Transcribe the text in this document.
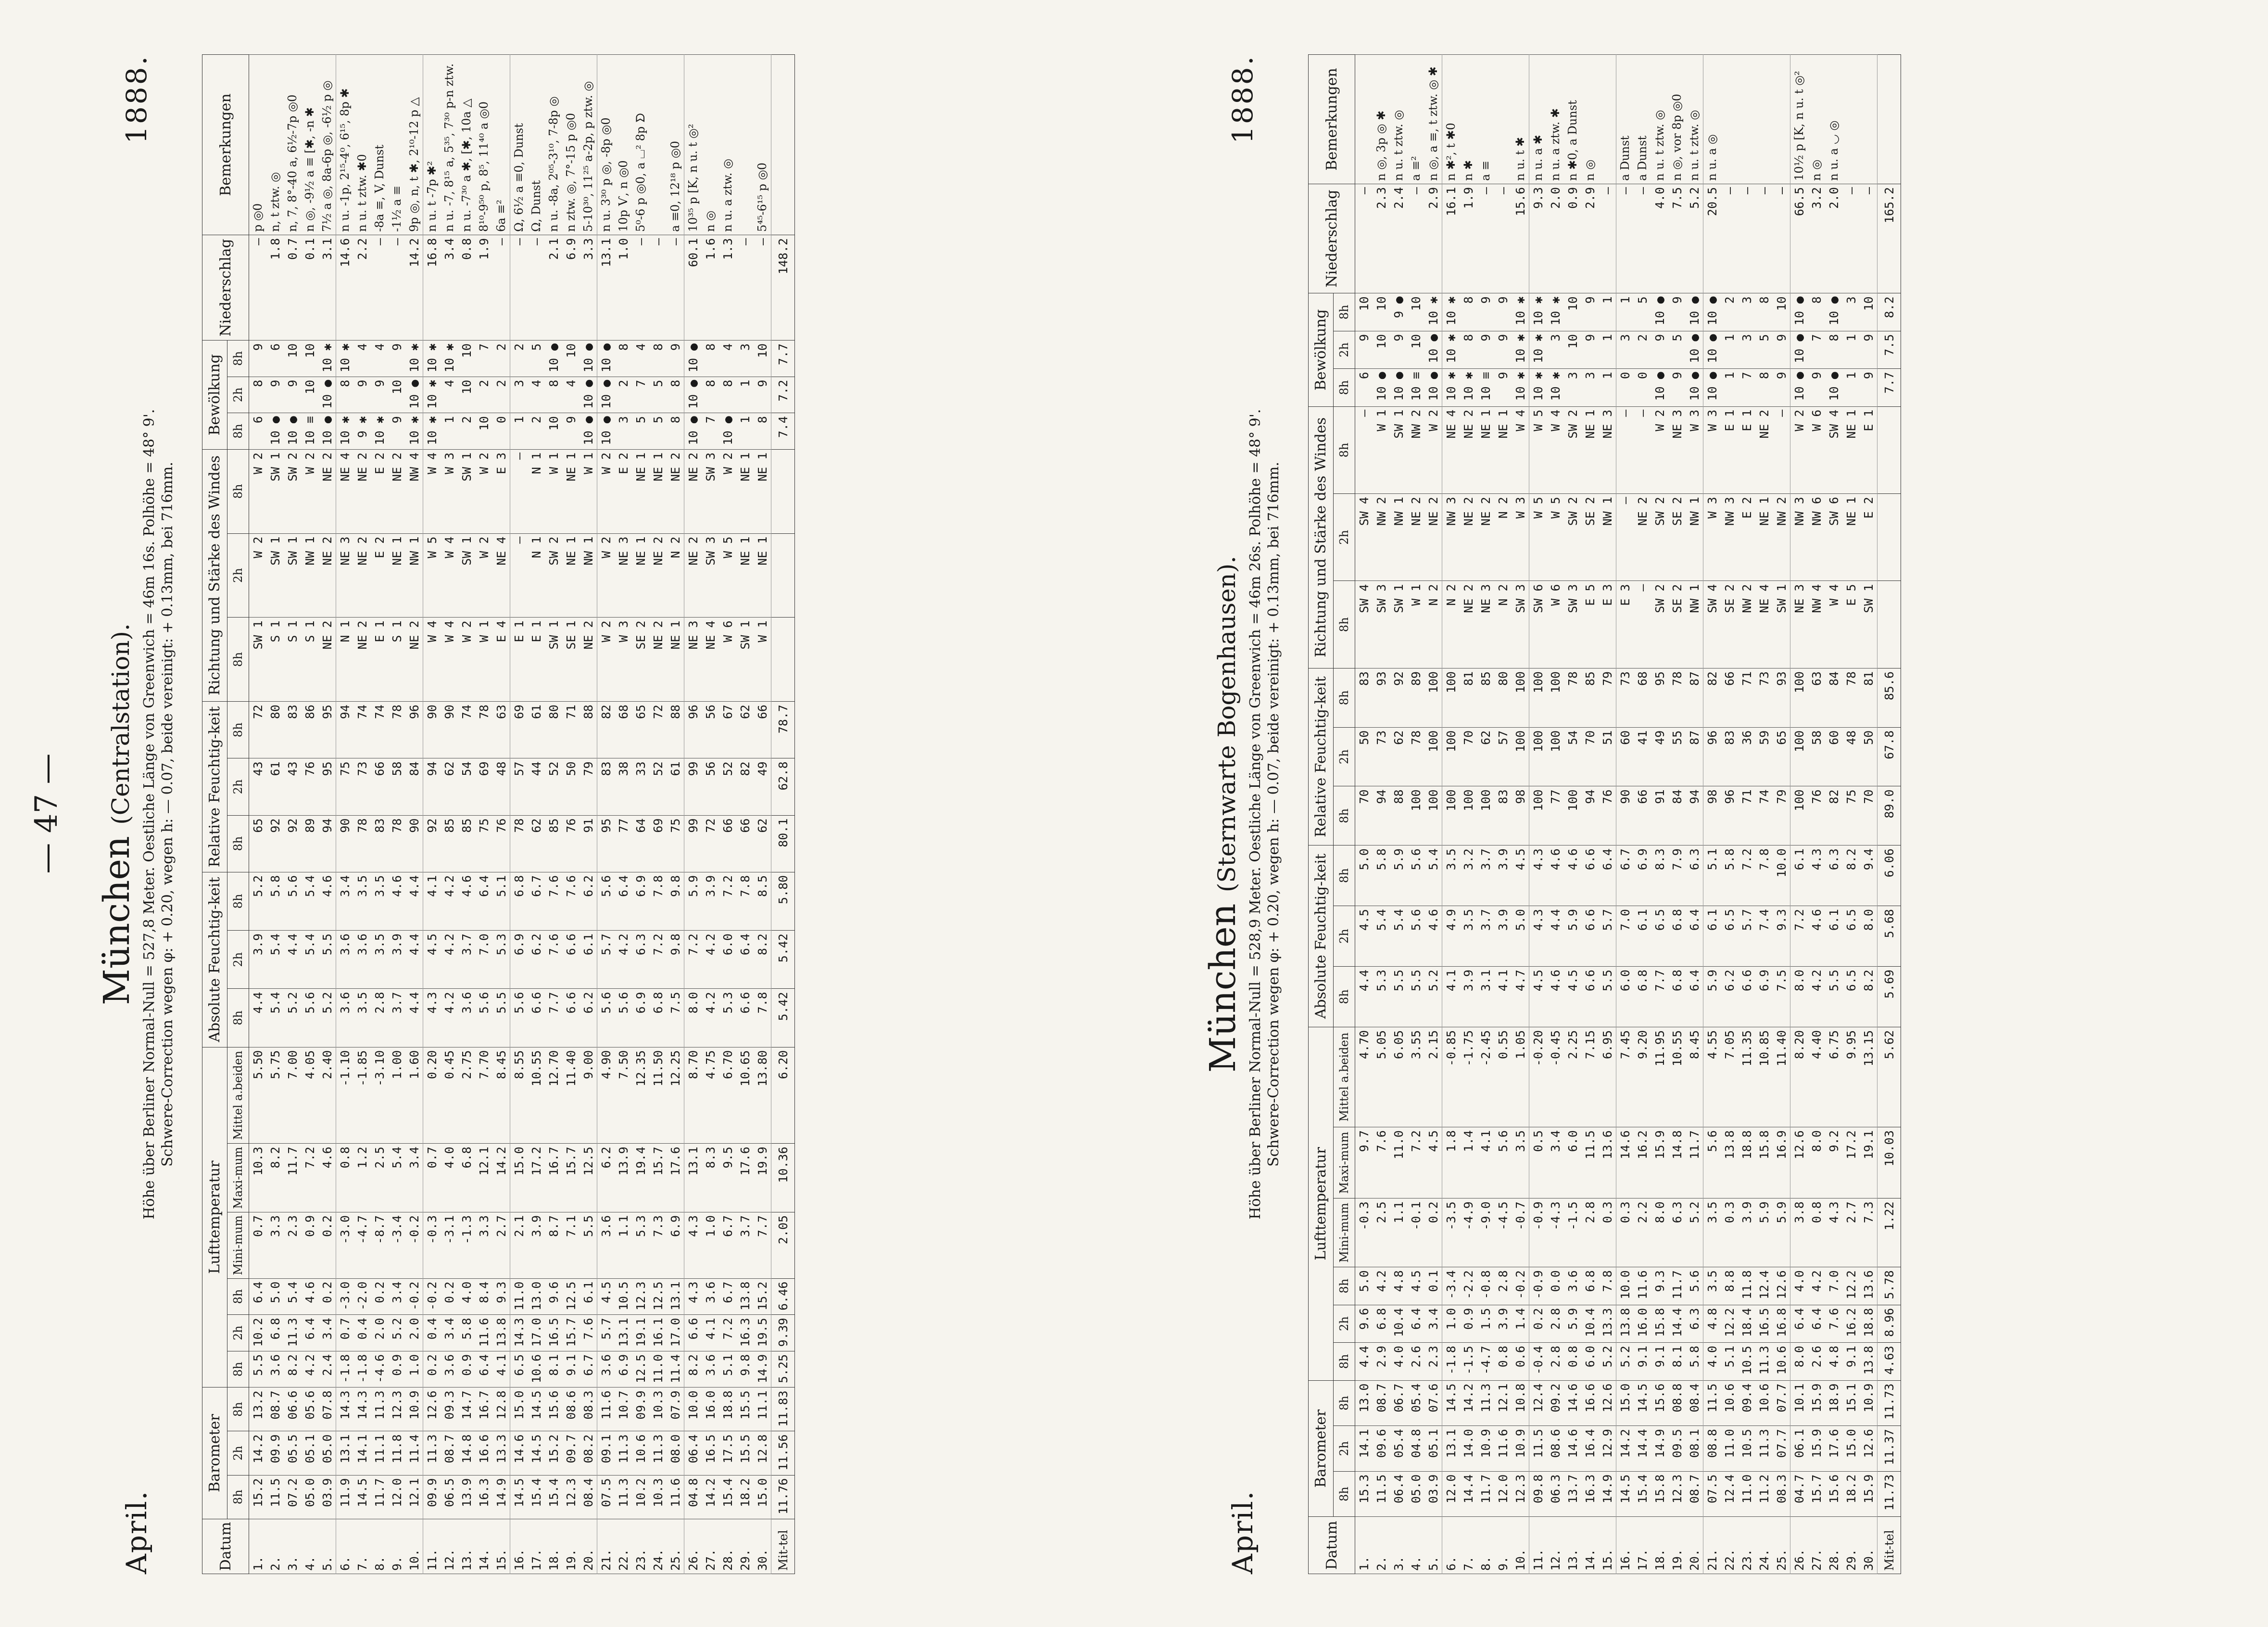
— 47 —
April.
München (Centralstation).
1888.
Höhe über Berliner Normal-Null = 527,8 Meter. Oestliche Länge von Greenwich = 46m 16s. Polhöhe = 48° 9'. Schwere-Correction wegen φ: + 0.20, wegen h: — 0.07, beide vereinigt: + 0.13mm, bei 716mm.
Datum	Barometer			Lufttemperatur						Absolute Feuchtig-keit			Relative Feuchtig-keit			Richtung und Stärke des Windes			Bewölkung			Niederschlag	Bemerkungen
	8h	2h	8h	8h	2h	8h	Mini-mum	Maxi-mum	Mittel a.beiden	8h	2h	8h	8h	2h	8h	8h	2h	8h	8h	2h	8h		
1.	15.2	14.2	13.2	5.5	10.2	6.4	0.7	10.3	5.50	4.4	3.9	5.2	65	43	72	SW 1	W 2	W 2	6	8	9	—	p ◎0
2.	11.5	09.9	08.7	3.6	6.8	5.0	3.3	8.2	5.75	5.4	5.4	5.8	92	61	80	S 1	SW 1	SW 1	10 ●	9	6	1.8	n, t ztw. ◎
3.	07.2	05.5	06.6	8.2	11.3	5.4	2.3	11.7	7.00	5.2	4.4	5.6	92	43	83	S 1	SW 1	SW 2	10 ●	9	10	0.7	n, 7, 8°-40 a, 6½-7p ◎0
4.	05.0	05.1	05.6	4.2	6.4	4.6	0.9	7.2	4.05	5.6	5.4	5.4	89	76	86	S 1	NW 1	W 2	10 ≡	10	10	0.1	n ◎, -9½ a ≡ [✱, -n ✱
5.	03.9	05.0	07.8	2.4	3.4	0.2	0.2	4.6	2.40	5.2	5.5	4.6	94	95	95	NE 2	NE 2	NE 2	10 ●	10 ●	10 ✱	3.1	7½ a ◎, 8a-6p ◎, -6½ p ◎
6.	11.9	13.1	14.3	-1.8	0.7	-3.0	-3.0	0.8	-1.10	3.6	3.6	3.4	90	75	94	N 1	NE 3	NE 4	10 ✱	8	10 ✱	14.6	n u. -1p, 2¹⁵-4⁰, 6¹⁵, 8p ✱
7.	14.5	14.1	14.3	-1.8	0.4	-2.0	-4.7	1.2	-1.85	3.5	3.6	3.5	78	73	74	NE 2	NE 2	NE 2	9 ✱	9	4	2.2	n u. t ztw. ✱0
8.	11.7	11.1	11.3	-4.6	2.0	0.2	-8.7	2.5	-3.10	2.8	3.5	3.5	83	66	74	E 1	E 2	E 2	10 ✱	9	4	—	-8a ≡, V, Dunst
9.	12.0	11.8	12.3	0.9	5.2	3.4	-3.4	5.4	1.00	3.7	3.9	4.6	78	58	78	S 1	NE 1	NE 2	9	10	9	—	-1½ a ≡
10.	12.1	11.4	10.9	1.0	2.0	-0.2	-0.2	3.4	1.60	4.4	4.4	4.4	90	84	96	NE 2	NW 1	NW 4	10 ✱	10 ●	10 ✱	14.2	9p ◎, n, t ✱, 2¹⁰-12 p △
11.	09.9	11.3	12.6	0.2	0.4	-0.2	-0.3	0.7	0.20	4.3	4.5	4.1	92	94	90	W 4	W 5	W 4	10 ✱	10 ✱	10 ✱	16.8	n u. t -7p ✱²
12.	06.5	08.7	09.3	3.6	3.4	0.2	-3.1	4.0	0.45	4.2	4.2	4.2	85	62	90	W 4	W 4	W 3	1	4	10 ✱	3.4	n u. -7, 8¹⁵ a, 5³⁵, 7³⁰ p-n ztw.
13.	13.9	14.8	14.7	0.9	5.8	4.0	-1.3	6.8	2.75	3.6	3.7	4.6	85	54	74	W 2	SW 1	SW 1	2	10	10	0.8	n u. -7³⁰ a ✱, [✱, 10a △
14.	16.3	16.6	16.7	6.4	11.6	8.4	3.3	12.1	7.70	5.6	7.0	6.4	75	69	78	W 1	W 2	W 2	10	2	7	1.9	8¹⁰-9⁵⁰ p, 8⁵, 11⁴⁰ a ◎0
15.	14.9	13.3	12.8	4.1	13.8	9.3	2.7	14.2	8.45	5.5	5.3	5.1	76	48	63	E 4	NE 4	E 3	0	2	2	—	6a ≡²
16.	14.5	14.6	15.0	6.5	14.3	11.0	2.1	15.0	8.55	5.6	6.9	6.8	78	57	69	E 1	—	—	1	3	2	—	Ω, 6½ a ≡0, Dunst
17.	15.4	14.5	14.5	10.6	17.0	13.0	3.9	17.2	10.55	6.6	6.2	6.7	62	44	61	E 1	N 1	N 1	2	4	5	—	Ω, Dunst
18.	15.4	15.2	15.6	8.1	16.5	9.6	8.7	16.7	12.70	7.7	7.6	7.6	85	52	80	SW 1	SW 2	W 1	10	8	10 ●	2.1	n u. -8a, 2⁰⁵-3¹⁰, 7-8p ◎
19.	12.3	09.7	08.6	9.1	15.7	12.5	7.1	15.7	11.40	6.6	6.6	7.6	76	50	71	SE 1	NE 1	NE 1	9	4	10	6.9	n ztw. ◎, 7°-15 p ◎0
20.	08.4	08.2	08.3	6.7	7.6	6.1	5.5	12.5	9.00	6.2	6.1	6.2	91	79	88	NE 2	NW 1	W 1	10 ●	10 ●	10 ●	3.3	5-10³⁰, 11²⁵ a-2p, p ztw. ◎
21.	07.5	09.1	11.6	3.6	5.7	4.5	3.6	6.2	4.90	5.6	5.7	5.6	95	83	82	W 2	W 2	W 2	10 ●	10 ●	10 ●	13.1	n u. 3³⁰ p ◎, -8p ◎0
22.	11.3	11.3	10.7	6.9	13.1	10.5	1.1	13.9	7.50	5.6	4.2	6.4	77	38	68	W 3	NE 3	E 2	3	2	8	1.0	10p Ѵ, n ◎0
23.	10.2	10.6	09.9	12.5	19.1	12.3	5.3	19.4	12.35	6.9	6.3	6.9	64	33	65	SE 2	NE 1	NE 1	5	7	4	—	5⁰-6 p ◎0, a ⌴² 8p ᗤ
24.	10.3	11.3	10.3	11.0	16.1	12.5	7.3	15.7	11.50	6.8	7.2	7.8	69	52	72	NE 2	NE 2	NE 1	5	5	8	—	
25.	11.6	08.0	07.9	11.4	17.0	13.1	6.9	17.6	12.25	7.5	9.8	9.8	75	61	88	NE 1	N 2	NE 2	8	8	9	—	a ≡0, 12¹⁸ p ◎0
26.	04.8	06.4	10.0	8.2	6.6	4.3	4.3	13.1	8.70	8.0	7.2	5.9	99	99	96	NE 3	NE 2	NE 2	10 ●	10 ●	10 ●	60.1	10³⁵ p [K, n u. t ◎²
27.	14.2	16.5	16.0	3.6	4.1	3.6	1.0	8.3	4.75	4.2	4.2	3.9	72	56	56	NE 4	SW 3	SW 3	7	8	8	1.6	n ◎
28.	15.4	17.5	18.8	5.1	7.2	6.7	6.7	9.5	6.70	5.3	6.0	7.2	66	52	67	W 6	W 5	W 2	10 ●	8	4	1.3	n u. a ztw. ◎
29.	18.2	15.5	15.5	9.8	16.3	13.8	3.7	17.6	10.65	6.6	6.4	7.8	66	82	62	SW 1	NE 1	NE 1	1	1	3	—	
30.	15.0	12.8	11.1	14.9	19.5	15.2	7.7	19.9	13.80	7.8	8.2	8.5	62	49	66	W 1	NE 1	NE 1	8	9	10	—	5⁴⁵-6¹⁵ p ◎0
Mit-tel	11.76	11.56	11.83	5.25	9.39	6.46	2.05	10.36	6.20	5.42	5.42	5.80	80.1	62.8	78.7				7.4	7.2	7.7	148.2	
April.
München (Sternwarte Bogenhausen).
1888.
Höhe über Berliner Normal-Null = 528,9 Meter. Oestliche Länge von Greenwich = 46m 26s. Polhöhe = 48° 9'. Schwere-Correction wegen φ: + 0.20, wegen h: — 0.07, beide vereinigt: + 0.13mm, bei 716mm.
Datum	Barometer			Lufttemperatur						Absolute Feuchtig-keit			Relative Feuchtig-keit			Richtung und Stärke des Windes			Bewölkung			Niederschlag	Bemerkungen
	8h	2h	8h	8h	2h	8h	Mini-mum	Maxi-mum	Mittel a.beiden	8h	2h	8h	8h	2h	8h	8h	2h	8h	8h	2h	8h		
1.	15.3	14.1	13.0	4.4	9.6	5.0	-0.3	9.7	4.70	4.4	4.5	5.0	70	50	83	SW 4	SW 4	—	6	9	10	—	
2.	11.5	09.6	08.7	2.9	6.8	4.2	2.5	7.6	5.05	5.3	5.4	5.8	94	73	93	SW 3	NW 2	W 1	10 ●	10	10	2.3	n ◎, 3p ◎ ✱
3.	06.4	05.4	06.7	4.0	10.4	4.8	1.1	11.0	6.05	5.5	5.4	5.9	88	62	92	SW 1	NW 1	SW 1	10 ●	9	9 ●	2.4	n u. t ztw. ◎
4.	05.0	04.8	05.4	2.6	6.4	4.5	-0.1	7.2	3.55	5.5	5.6	5.6	100	78	89	W 1	NE 2	NW 2	10 ≡	10	10	—	a ≡²
5.	03.9	05.1	07.6	2.3	3.4	0.1	0.2	4.5	2.15	5.2	4.6	5.4	100	100	100	N 2	NE 2	W 2	10 ●	10 ●	10 ✱	2.9	n ◎, a ≡, t ztw. ◎ ✱
6.	12.0	13.1	14.5	-1.8	1.0	-3.4	-3.5	1.8	-0.85	4.1	4.9	3.5	100	100	100	N 2	NW 3	NE 4	10 ✱	10 ✱	10 ✱	16.1	n ✱², t ✱0
7.	14.4	14.0	14.2	-1.5	0.9	-2.2	-4.9	1.4	-1.75	3.9	3.5	3.2	100	70	81	NE 2	NE 2	NE 2	10 ✱	8	8	1.9	n ✱
8.	11.7	10.9	11.3	-4.7	1.5	-0.8	-9.0	4.1	-2.45	3.1	3.7	3.7	100	62	85	NE 3	NE 2	NE 1	10 ≡	9	9	—	a ≡
9.	12.0	11.6	12.1	0.8	3.9	2.8	-4.5	5.6	0.55	4.1	3.9	3.9	83	57	80	N 2	N 2	NE 1	9	9	9	—	
10.	12.3	10.9	10.8	0.6	1.4	-0.2	-0.7	3.5	1.05	4.7	5.0	4.5	98	100	100	SW 3	W 3	W 4	10 ✱	10 ✱	10 ✱	15.6	n u. t ✱
11.	09.8	11.5	12.4	-0.4	0.2	-0.9	-0.9	0.5	-0.20	4.5	4.3	4.3	100	100	100	SW 6	W 5	W 5	10 ✱	10 ✱	10 ✱	9.3	n u. a ✱
12.	06.3	08.6	09.2	2.8	2.8	0.0	-4.3	3.4	-0.45	4.6	4.4	4.6	77	100	100	W 6	W 5	W 4	10 ✱	3	10 ✱	2.0	n u. a ztw. ✱
13.	13.7	14.6	14.6	0.8	5.9	3.6	-1.5	6.0	2.25	4.5	5.9	4.6	100	54	78	SW 3	SW 2	SW 2	3	10	10	0.9	n ✱0, a Dunst
14.	16.3	16.4	16.6	6.0	10.4	6.8	2.8	11.5	7.15	6.6	6.6	6.6	94	70	85	E 5	SE 2	NE 1	3	9	9	2.9	n ◎
15.	14.9	12.9	12.6	5.2	13.3	7.8	0.3	13.6	6.95	5.5	5.7	6.4	76	51	79	E 3	NW 1	NE 3	1	1	1	—	
16.	14.5	14.2	15.0	5.2	13.8	10.0	0.3	14.6	7.45	6.0	7.0	6.7	90	60	73	E 3	—	—	0	3	1	—	a Dunst
17.	15.4	14.4	14.5	9.1	16.0	11.6	2.2	16.2	9.20	6.8	6.1	6.9	66	41	68	—	NE 2	—	0	2	5	—	a Dunst
18.	15.8	14.9	15.6	9.1	15.8	9.3	8.0	15.9	11.95	7.7	6.5	8.3	91	49	95	SW 2	SW 2	W 2	10 ●	9	10 ●	4.0	n u. t ztw. ◎
19.	12.3	09.5	08.8	8.1	14.4	11.7	6.3	14.8	10.55	6.8	6.8	7.9	84	55	78	SE 2	SE 2	NE 3	9	5	9	7.5	n ◎, vor 8p ◎0
20.	08.7	08.1	08.4	5.8	6.3	5.6	5.2	11.7	8.45	6.4	6.4	6.3	94	87	87	NW 1	NW 1	W 3	10 ●	10 ●	10 ●	5.2	n u. t ztw. ◎
21.	07.5	08.8	11.5	4.0	4.8	3.5	3.5	5.6	4.55	5.9	6.1	5.1	98	96	82	SW 4	W 3	W 3	10 ●	10 ●	10 ●	20.5	n u. a ◎
22.	12.4	11.0	10.6	5.1	12.2	8.8	0.3	13.8	7.05	6.2	6.5	5.8	96	83	66	SE 2	NW 3	E 1	1	1	2	—	
23.	11.0	10.5	09.4	10.5	18.4	11.8	3.9	18.8	11.35	6.6	5.7	7.2	71	36	71	NW 2	E 2	E 1	7	3	3	—	
24.	11.2	11.3	10.6	11.3	16.5	12.4	5.9	15.8	10.85	6.9	7.4	7.8	74	59	73	NE 4	NE 1	NE 2	8	5	8	—	
25.	08.3	07.7	07.7	10.6	16.8	12.6	5.9	16.9	11.40	7.5	9.3	10.0	79	65	93	SW 1	NW 2	—	9	9	10	—	
26.	04.7	06.1	10.1	8.0	6.4	4.0	3.8	12.6	8.20	8.0	7.2	6.1	100	100	100	NE 3	NW 3	W 2	10 ●	10 ●	10 ●	66.5	10½ p [K, n u. t ◎²
27.	15.7	15.9	15.9	2.6	6.4	4.2	0.8	8.0	4.40	4.2	4.6	4.3	76	58	63	NW 4	NW 6	W 6	9	7	8	3.2	n ◎
28.	15.6	17.6	18.9	4.8	7.6	7.0	4.3	9.2	6.75	5.5	6.1	6.3	82	60	84	W 4	SW 6	SW 4	10 ●	8	10 ●	2.0	n u. a ◡ ◎
29.	18.2	15.0	15.1	9.1	16.2	12.2	2.7	17.2	9.95	6.5	6.5	8.2	75	48	78	E 5	NE 1	NE 1	1	1	3	—	
30.	15.9	12.6	10.9	13.8	18.8	13.6	7.3	19.1	13.15	8.2	8.0	9.4	70	50	81	SW 1	E 2	E 1	9	9	10	—	
Mit-tel	11.73	11.37	11.73	4.63	8.96	5.78	1.22	10.03	5.62	5.69	5.68	6.06	89.0	67.8	85.6				7.7	7.5	8.2	165.2	
